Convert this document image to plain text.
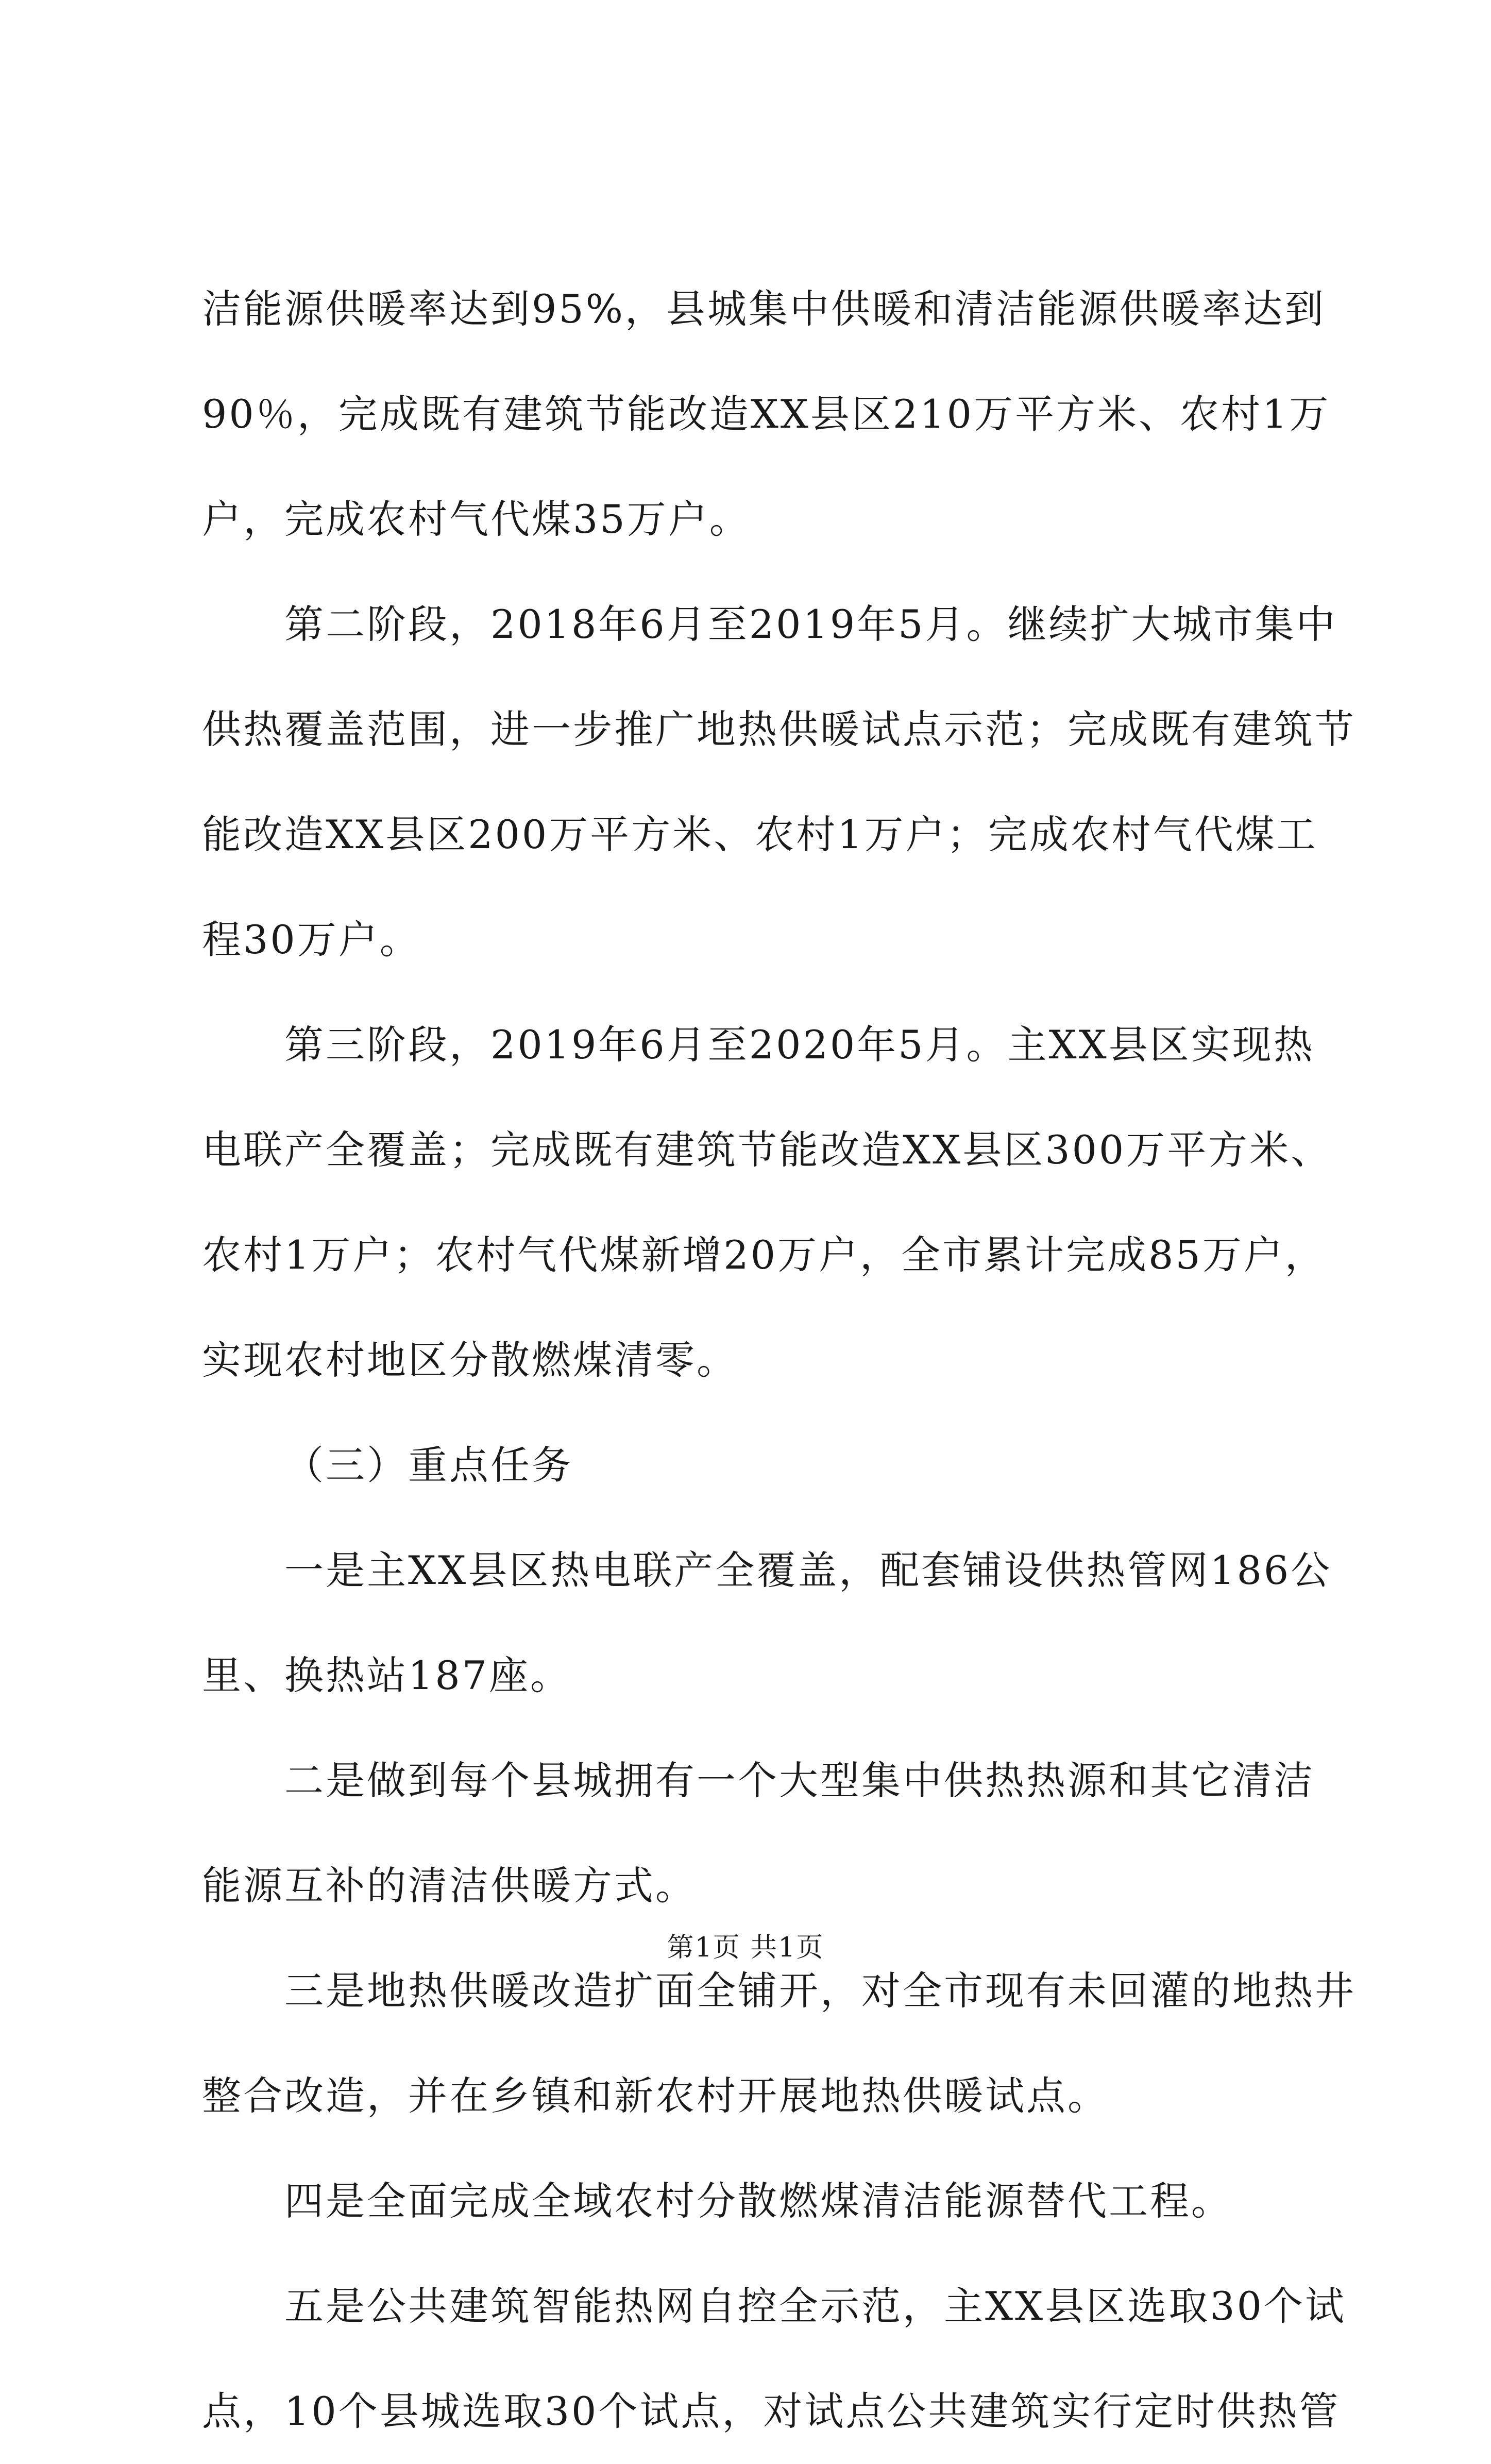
洁能源供暖率达到95%，县城集中供暖和清洁能源供暖率达到
90％，完成既有建筑节能改造XX县区210万平方米、农村1万
户，完成农村气代煤35万户。
第二阶段，2018年6月至2019年5月。继续扩大城市集中
供热覆盖范围，进一步推广地热供暖试点示范；完成既有建筑节
能改造XX县区200万平方米、农村1万户；完成农村气代煤工
程30万户。
第三阶段，2019年6月至2020年5月。主XX县区实现热
电联产全覆盖；完成既有建筑节能改造XX县区300万平方米、
农村1万户；农村气代煤新增20万户，全市累计完成85万户，
实现农村地区分散燃煤清零。
（三）重点任务
一是主XX县区热电联产全覆盖，配套铺设供热管网186公
里、换热站187座。
二是做到每个县城拥有一个大型集中供热热源和其它清洁
能源互补的清洁供暖方式。
三是地热供暖改造扩面全铺开，对全市现有未回灌的地热井
整合改造，并在乡镇和新农村开展地热供暖试点。
四是全面完成全域农村分散燃煤清洁能源替代工程。
五是公共建筑智能热网自控全示范，主XX县区选取30个试
点，10个县城选取30个试点，对试点公共建筑实行定时供热管
第1页 共1页
